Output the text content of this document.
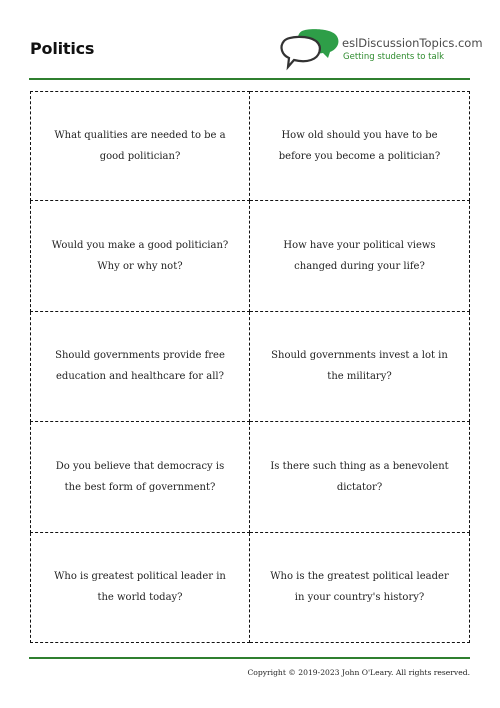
Politics	eslDiscussionTopics.com
Getting students to talk
What qualities are needed to be a good politician?
How old should you have to be before you become a politician?
Would you make a good politician? Why or why not?
How have your political views changed during your life?
Should governments provide free education and healthcare for all?
Should governments invest a lot in the military?
Do you believe that democracy is the best form of government?
Is there such thing as a benevolent dictator?
Who is greatest political leader in the world today?
Who is the greatest political leader in your country's history?
Copyright © 2019-2023 John O'Leary. All rights reserved.
